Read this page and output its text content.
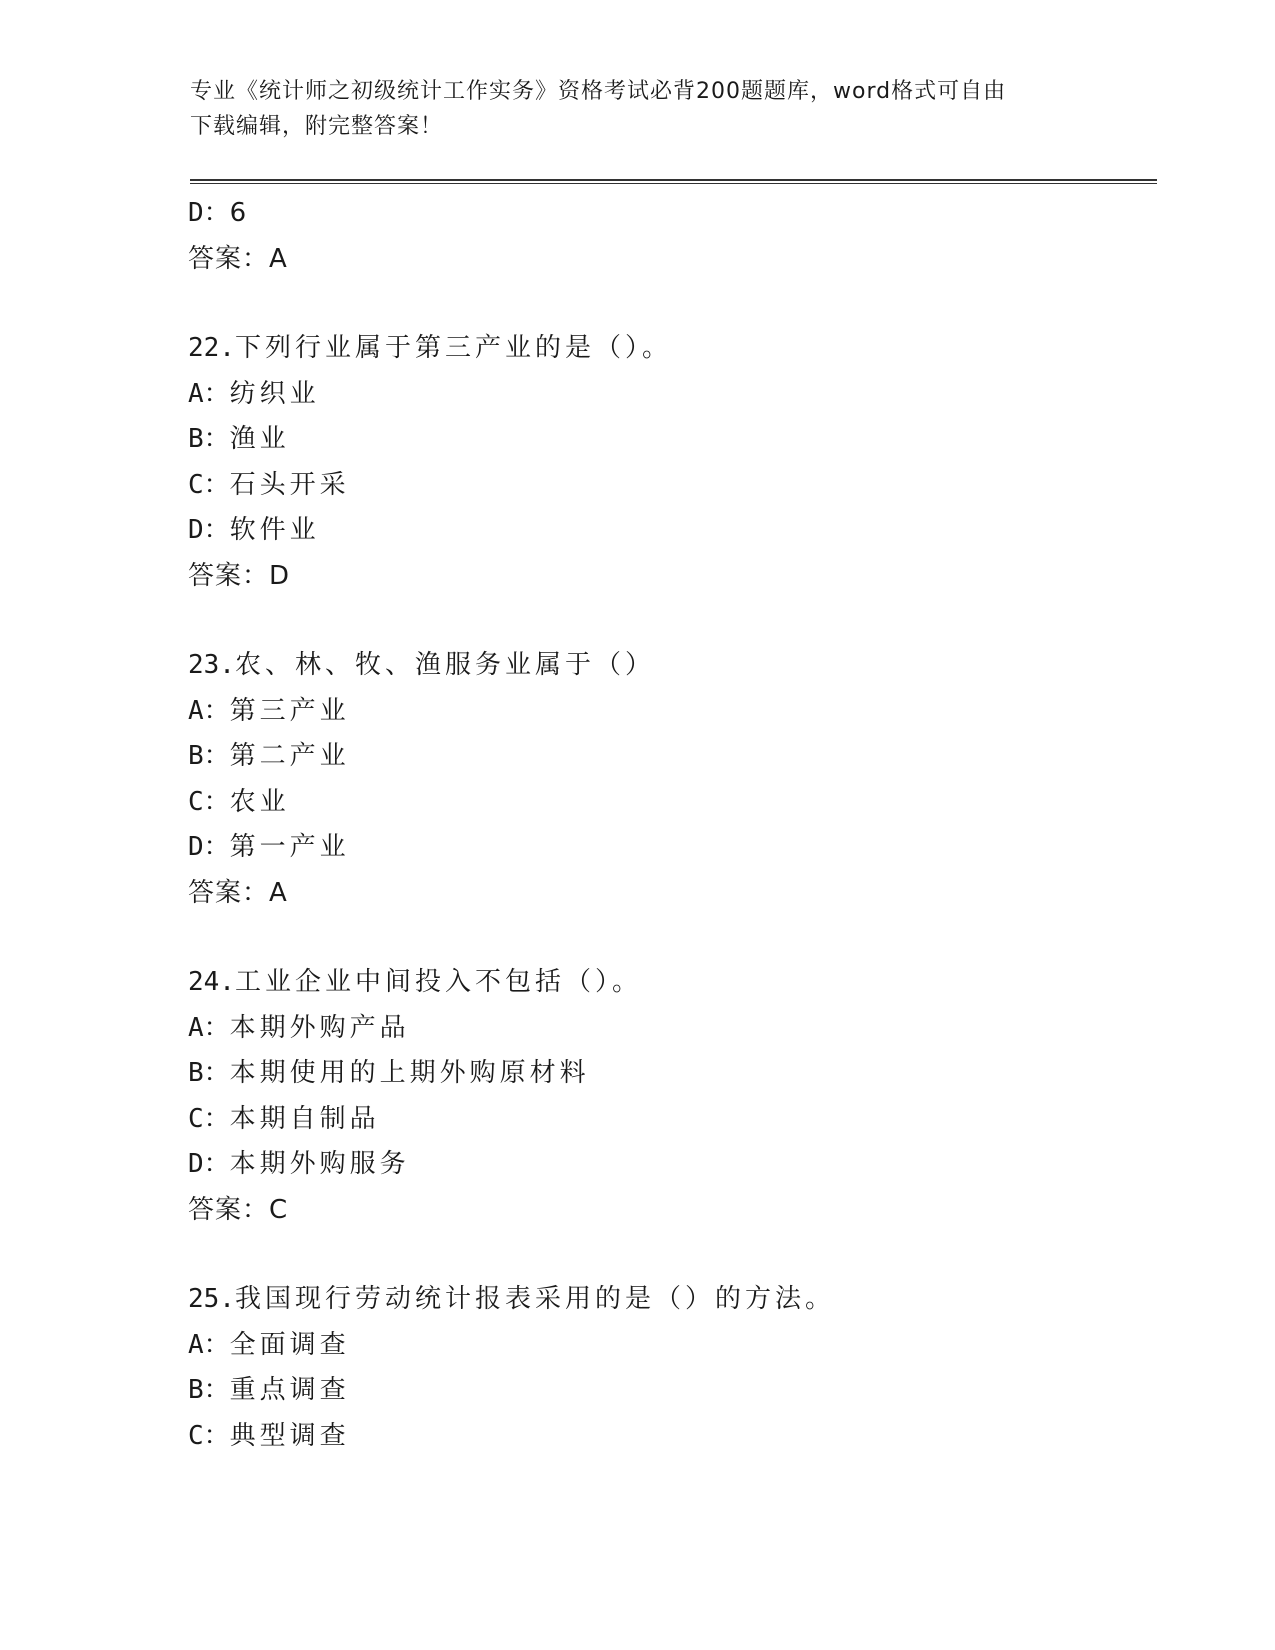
专业《统计师之初级统计工作实务》资格考试必背200题题库，word格式可自由
下载编辑，附完整答案！
D：6
答案：A
22.下列行业属于第三产业的是（）。
A：纺织业
B：渔业
C：石头开采
D：软件业
答案：D
23.农、林、牧、渔服务业属于（）
A：第三产业
B：第二产业
C：农业
D：第一产业
答案：A
24.工业企业中间投入不包括（）。
A：本期外购产品
B：本期使用的上期外购原材料
C：本期自制品
D：本期外购服务
答案：C
25.我国现行劳动统计报表采用的是（）的方法。
A：全面调查
B：重点调查
C：典型调查
